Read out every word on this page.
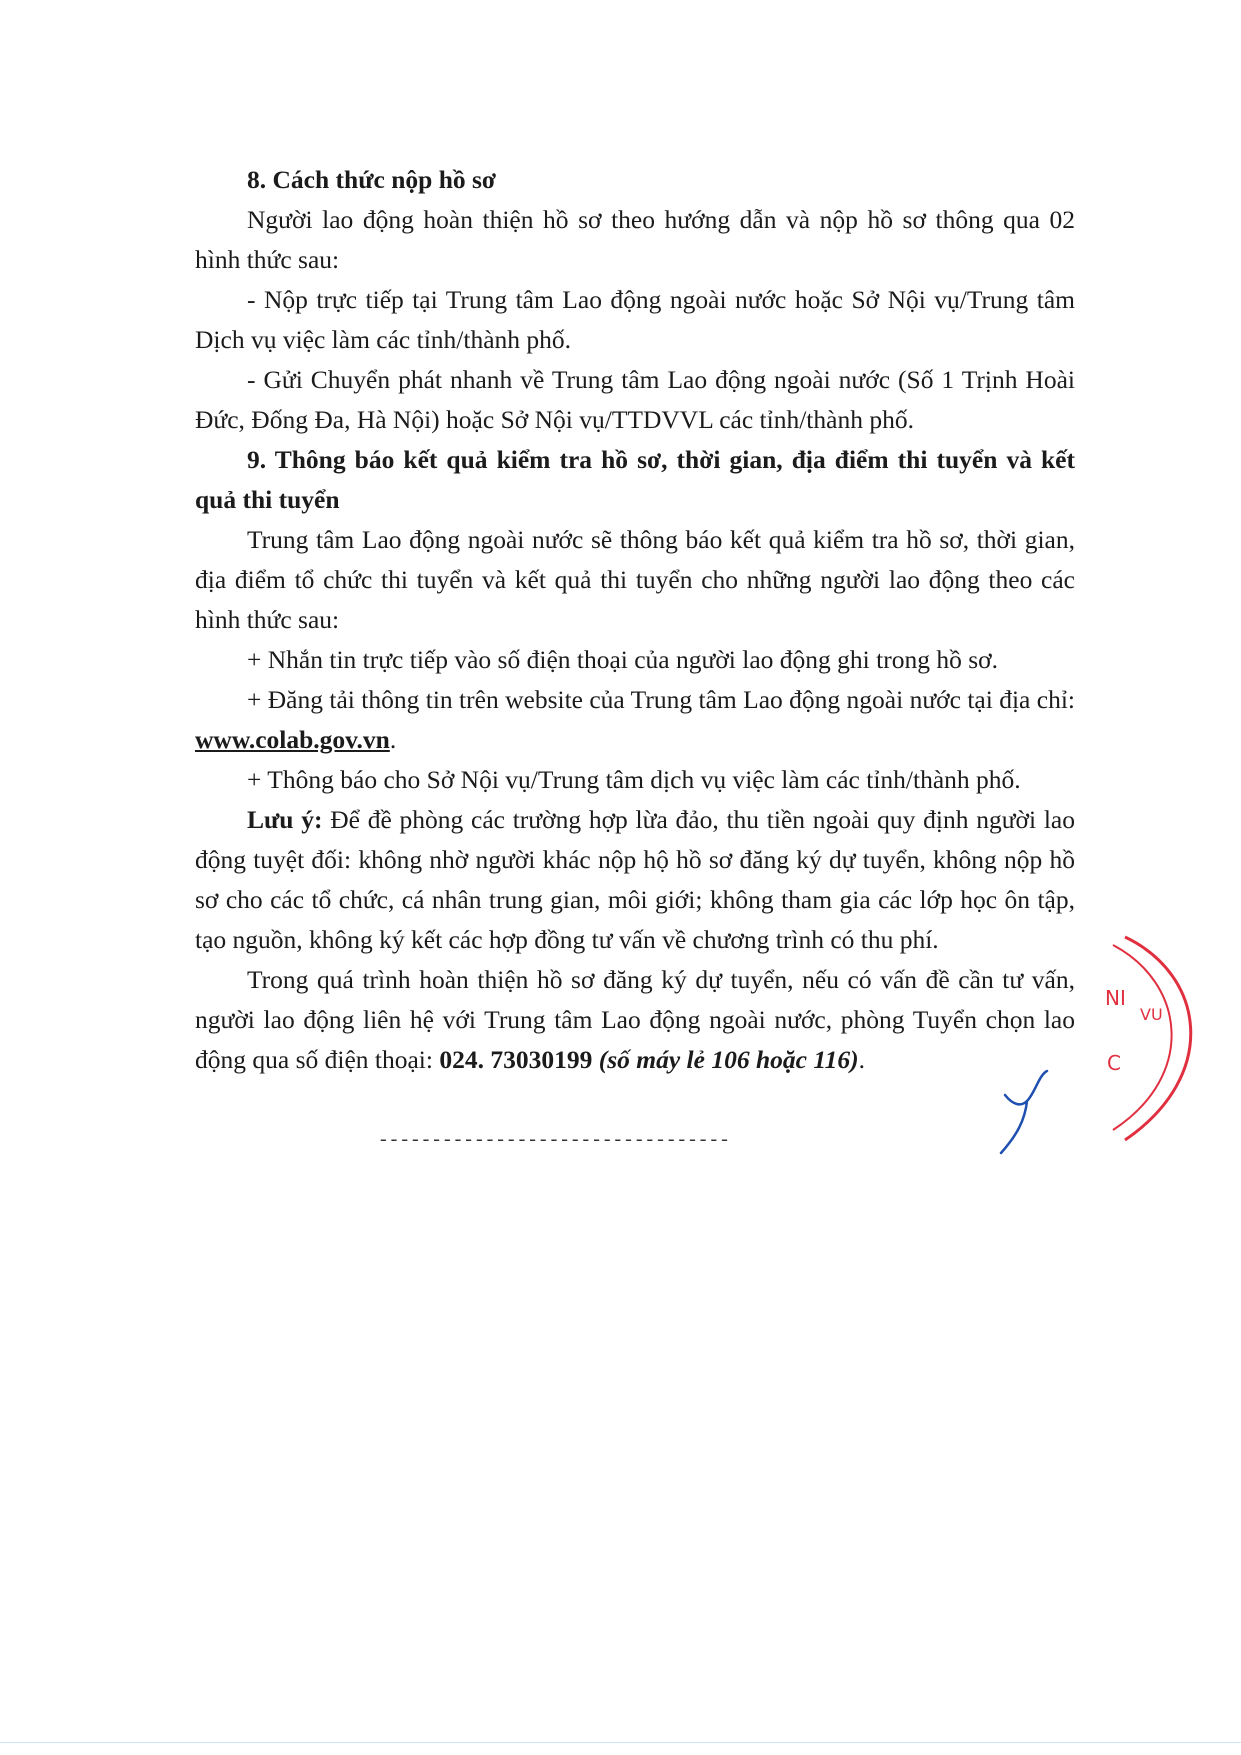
8. Cách thức nộp hồ sơ

Người lao động hoàn thiện hồ sơ theo hướng dẫn và nộp hồ sơ thông qua 02 hình thức sau:

- Nộp trực tiếp tại Trung tâm Lao động ngoài nước hoặc Sở Nội vụ/Trung tâm Dịch vụ việc làm các tỉnh/thành phố.

- Gửi Chuyển phát nhanh về Trung tâm Lao động ngoài nước (Số 1 Trịnh Hoài Đức, Đống Đa, Hà Nội) hoặc Sở Nội vụ/TTDVVL các tỉnh/thành phố.

9. Thông báo kết quả kiểm tra hồ sơ, thời gian, địa điểm thi tuyển và kết quả thi tuyển

Trung tâm Lao động ngoài nước sẽ thông báo kết quả kiểm tra hồ sơ, thời gian, địa điểm tổ chức thi tuyển và kết quả thi tuyển cho những người lao động theo các hình thức sau:

+ Nhắn tin trực tiếp vào số điện thoại của người lao động ghi trong hồ sơ.

+ Đăng tải thông tin trên website của Trung tâm Lao động ngoài nước tại địa chỉ: www.colab.gov.vn.

+ Thông báo cho Sở Nội vụ/Trung tâm dịch vụ việc làm các tỉnh/thành phố.

Lưu ý: Để đề phòng các trường hợp lừa đảo, thu tiền ngoài quy định người lao động tuyệt đối: không nhờ người khác nộp hộ hồ sơ đăng ký dự tuyển, không nộp hồ sơ cho các tổ chức, cá nhân trung gian, môi giới; không tham gia các lớp học ôn tập, tạo nguồn, không ký kết các hợp đồng tư vấn về chương trình có thu phí.

Trong quá trình hoàn thiện hồ sơ đăng ký dự tuyển, nếu có vấn đề cần tư vấn, người lao động liên hệ với Trung tâm Lao động ngoài nước, phòng Tuyển chọn lao động qua số điện thoại: 024. 73030199 (số máy lẻ 106 hoặc 116).

---------------------------------
NI
VU
C
